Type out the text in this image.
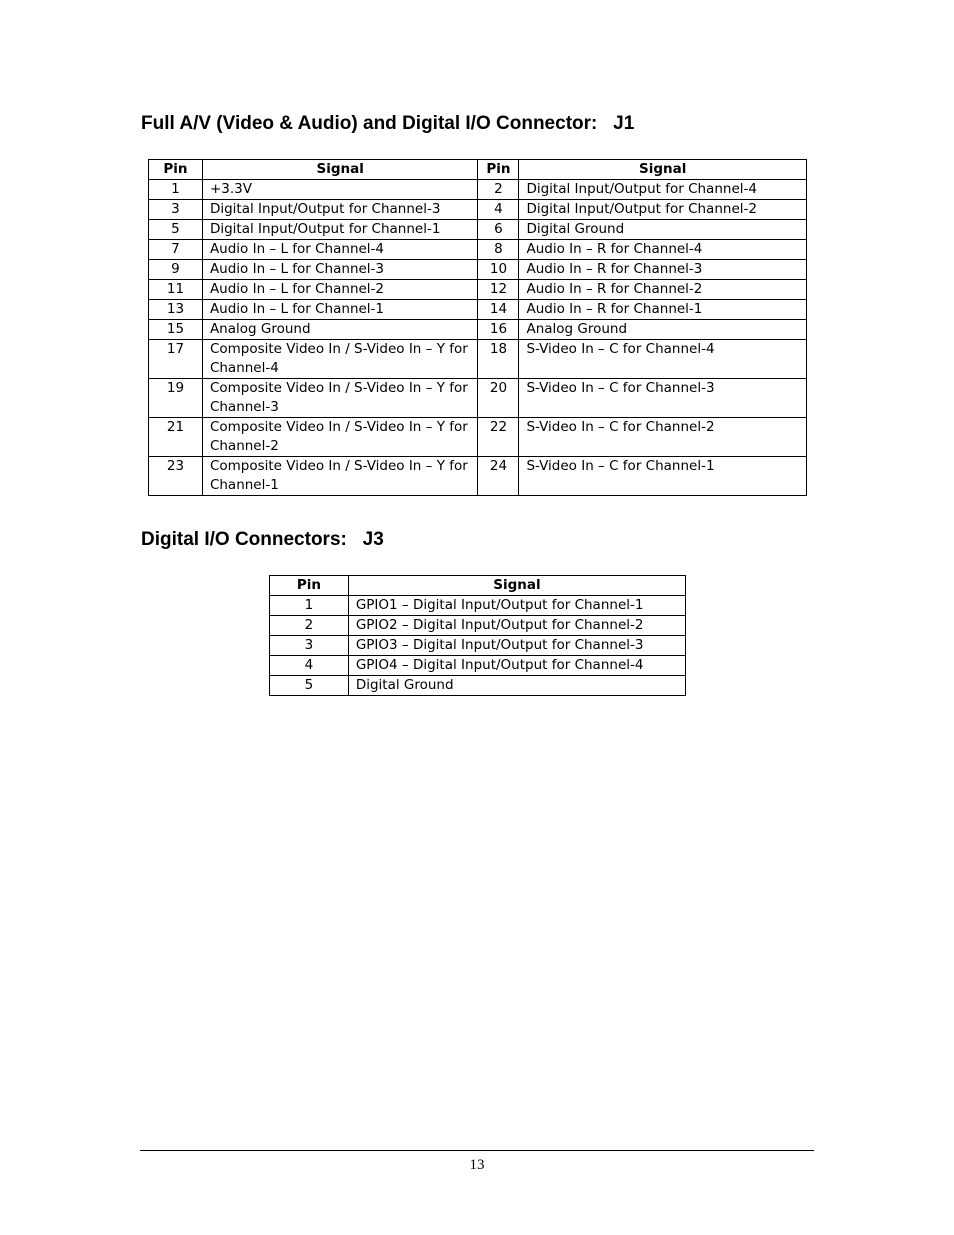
Full A/V (Video & Audio) and Digital I/O Connector:   J1
Pin	Signal	Pin	Signal
1	+3.3V	2	Digital Input/Output for Channel-4
3	Digital Input/Output for Channel-3	4	Digital Input/Output for Channel-2
5	Digital Input/Output for Channel-1	6	Digital Ground
7	Audio In – L for Channel-4	8	Audio In – R for Channel-4
9	Audio In – L for Channel-3	10	Audio In – R for Channel-3
11	Audio In – L for Channel-2	12	Audio In – R for Channel-2
13	Audio In – L for Channel-1	14	Audio In – R for Channel-1
15	Analog Ground	16	Analog Ground
17	Composite Video In / S-Video In – Y for Channel-4	18	S-Video In – C for Channel-4
19	Composite Video In / S-Video In – Y for Channel-3	20	S-Video In – C for Channel-3
21	Composite Video In / S-Video In – Y for Channel-2	22	S-Video In – C for Channel-2
23	Composite Video In / S-Video In – Y for Channel-1	24	S-Video In – C for Channel-1
Digital I/O Connectors:   J3
Pin	Signal
1	GPIO1 – Digital Input/Output for Channel-1
2	GPIO2 – Digital Input/Output for Channel-2
3	GPIO3 – Digital Input/Output for Channel-3
4	GPIO4 – Digital Input/Output for Channel-4
5	Digital Ground
13
